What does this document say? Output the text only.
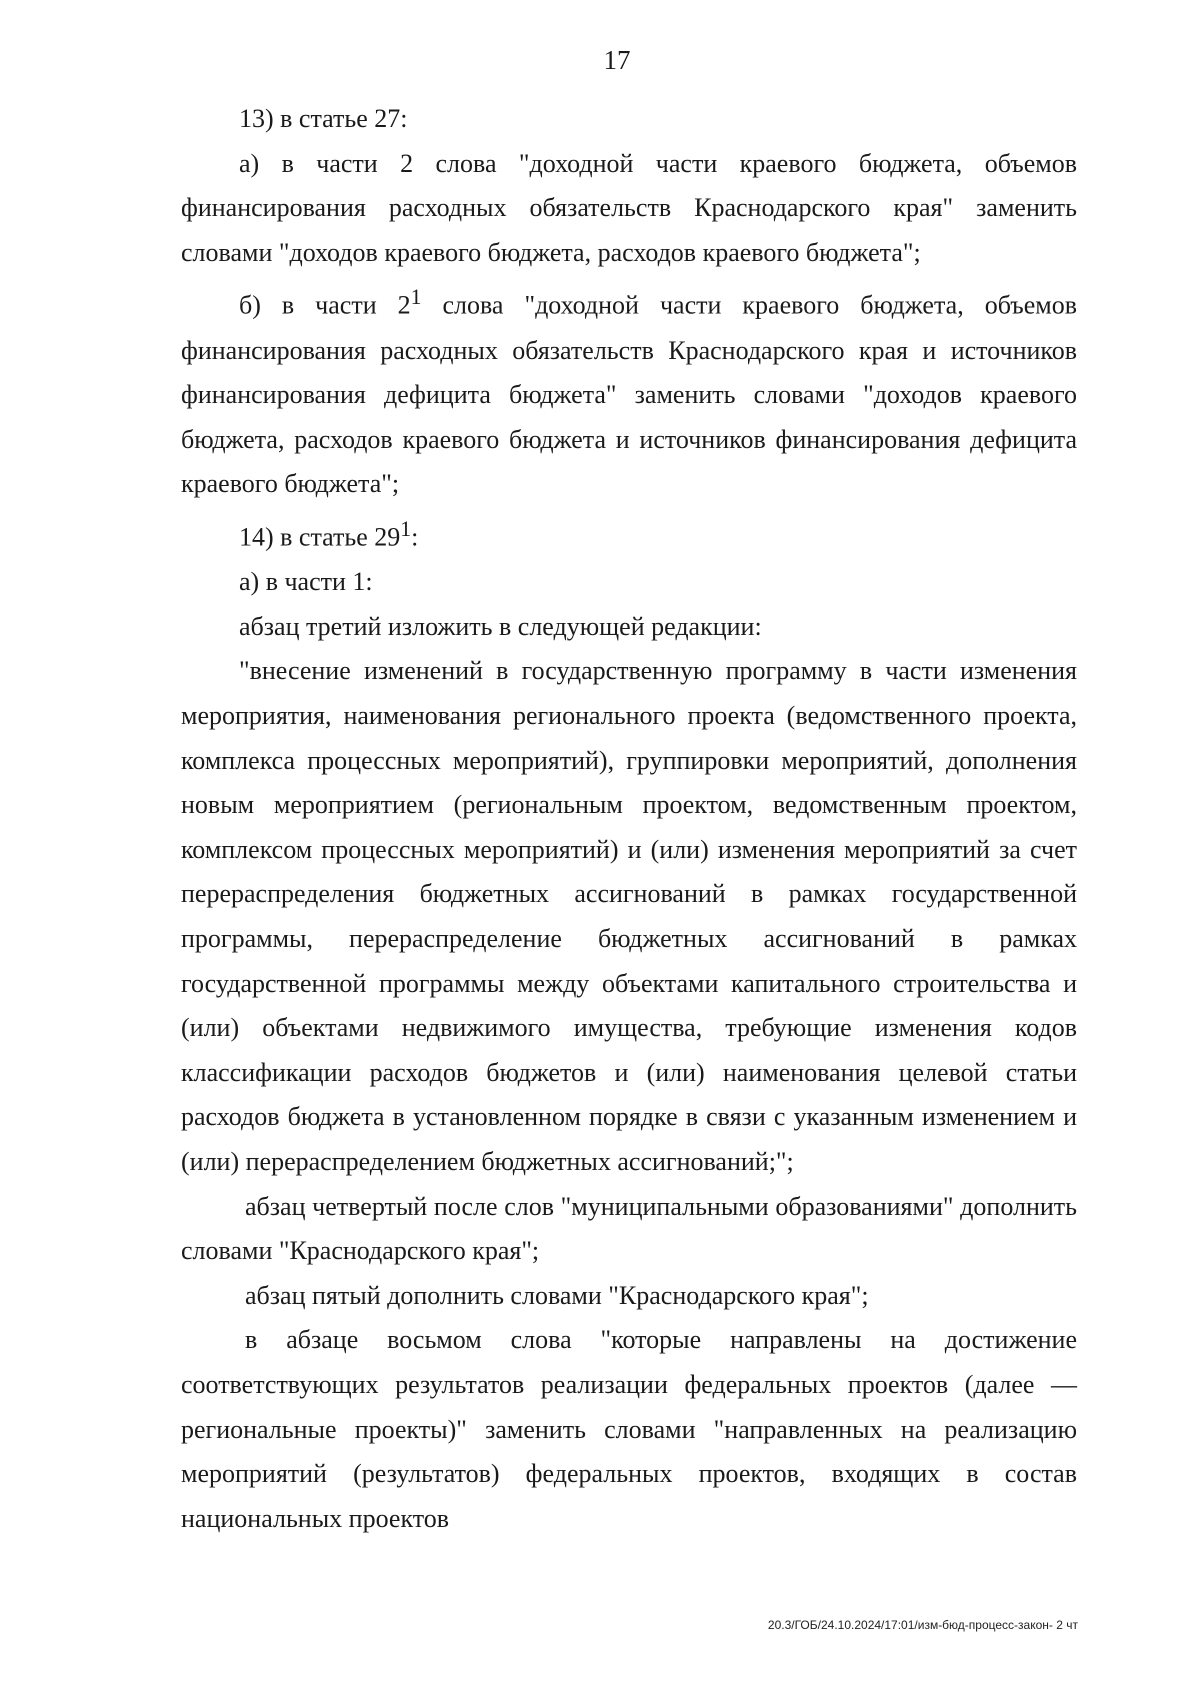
17

13) в статье 27:

а) в части 2 слова "доходной части краевого бюджета, объемов финансирования расходных обязательств Краснодарского края" заменить словами "доходов краевого бюджета, расходов краевого бюджета";

б) в части $2^1$ слова "доходной части краевого бюджета, объемов финансирования расходных обязательств Краснодарского края и источников финансирования дефицита бюджета" заменить словами "доходов краевого бюджета, расходов краевого бюджета и источников финансирования дефицита краевого бюджета";

14) в статье $29^1$:

а) в части 1:

абзац третий изложить в следующей редакции:

"внесение изменений в государственную программу в части изменения мероприятия, наименования регионального проекта (ведомственного проекта, комплекса процессных мероприятий), группировки мероприятий, дополнения новым мероприятием (региональным проектом, ведомственным проектом, комплексом процессных мероприятий) и (или) изменения мероприятий за счет перераспределения бюджетных ассигнований в рамках государственной программы, перераспределение бюджетных ассигнований в рамках государственной программы между объектами капитального строительства и (или) объектами недвижимого имущества, требующие изменения кодов классификации расходов бюджетов и (или) наименования целевой статьи расходов бюджета в установленном порядке в связи с указанным изменением и (или) перераспределением бюджетных ассигнований;";

абзац четвертый после слов "муниципальными образованиями" дополнить словами "Краснодарского края";

абзац пятый дополнить словами "Краснодарского края";

в абзаце восьмом слова "которые направлены на достижение соответствующих результатов реализации федеральных проектов (далее — региональные проекты)" заменить словами "направленных на реализацию мероприятий (результатов) федеральных проектов, входящих в состав национальных проектов

20.3/ГОБ/24.10.2024/17:01/изм-бюд-процесс-закон- 2 чт
